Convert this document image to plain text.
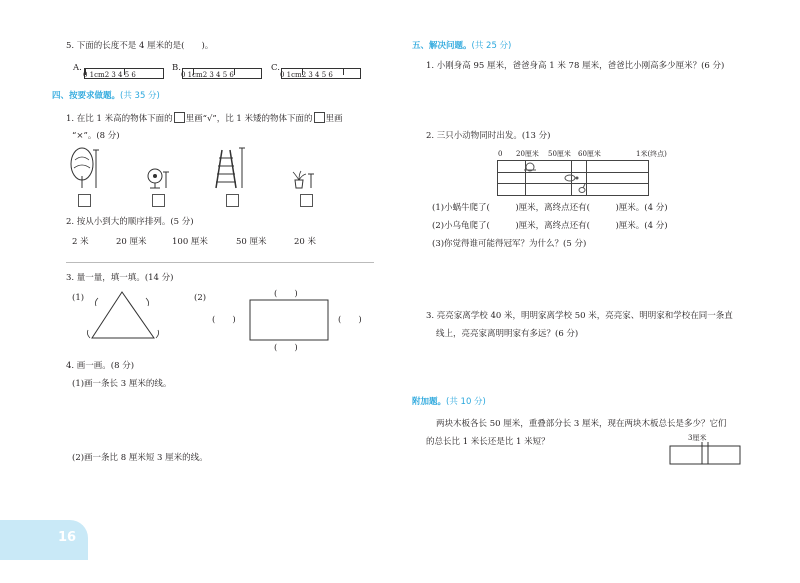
5. 下面的长度不是 4 厘米的是(　　)。
A.
0 1cm2 3 4 5 6
B.
0 1cm2 3 4 5 6
C.
0 1cm2 3 4 5 6
四、按要求做题。(共 35 分)
1. 在比 1 米高的物体下面的 里画“√”，比 1 米矮的物体下面的 里画
“×”。(8 分)
2. 按从小到大的顺序排列。(5 分)
2 米	20 厘米	100 厘米	50 厘米	20 米
3. 量一量，填一填。(14 分)
(1)	(2)	(　　)
(　　)
(　　)	(　　)
4. 画一画。(8 分)
(1)画一条长 3 厘米的线。
(2)画一条比 8 厘米短 3 厘米的线。
16
五、解决问题。(共 25 分)
1. 小刚身高 95 厘米，爸爸身高 1 米 78 厘米，爸爸比小刚高多少厘米？(6 分)
2. 三只小动物同时出发。(13 分)
0 20厘米 50厘米 60厘米	1米(终点)
(1)小蜗牛爬了(　　　)厘米，离终点还有(　　　)厘米。(4 分)
(2)小乌龟爬了(　　　)厘米，离终点还有(　　　)厘米。(4 分)
(3)你觉得谁可能得冠军？为什么？(5 分)
3. 亮亮家离学校 40 米，明明家离学校 50 米，亮亮家、明明家和学校在同一条直
线上，亮亮家离明明家有多远？(6 分)
附加题。(共 10 分)
两块木板各长 50 厘米，重叠部分长 3 厘米，现在两块木板总长是多少？它们
的总长比 1 米长还是比 1 米短？	3厘米
